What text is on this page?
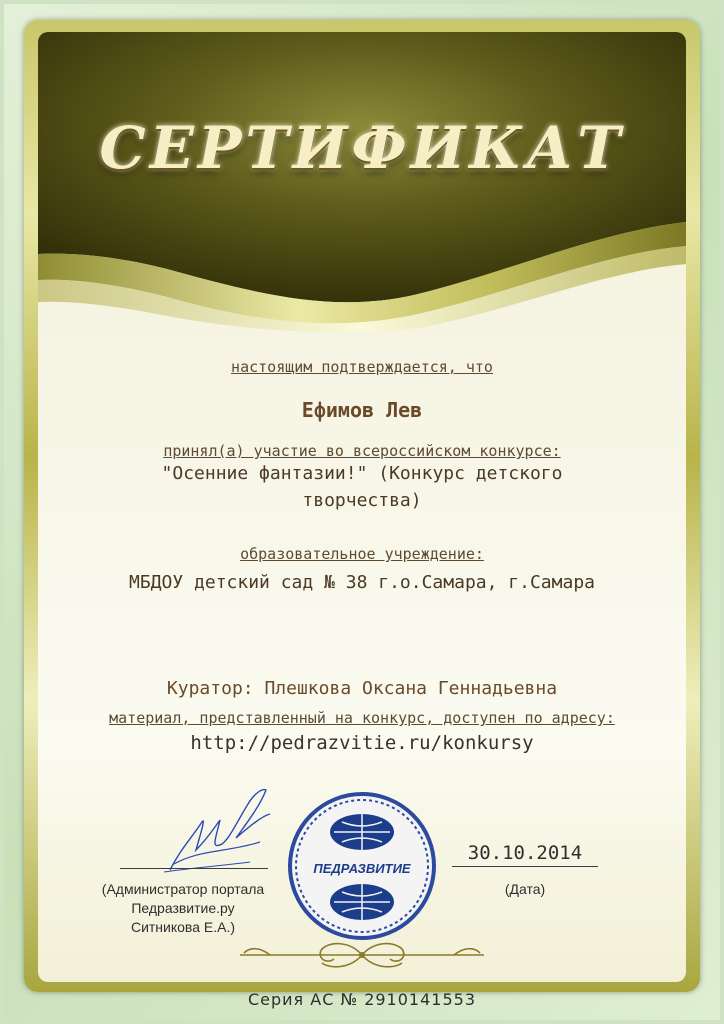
СЕРТИФИКАТ
настоящим подтверждается, что
Ефимов Лев
принял(а) участие во всероссийском конкурсе:
"Осенние фантазии!" (Конкурс детского
творчества)
образовательное учреждение:
МБДОУ детский сад № 38 г.о.Самара, г.Самара
Куратор: Плешкова Оксана Геннадьевна
материал, представленный на конкурс, доступен по адресу:
http://pedrazvitie.ru/konkursy
(Администратор портала
Педразвитие.ру
Ситникова Е.А.)
ПЕДРАЗВИТИЕ
30.10.2014
(Дата)
Серия АС № 2910141553
